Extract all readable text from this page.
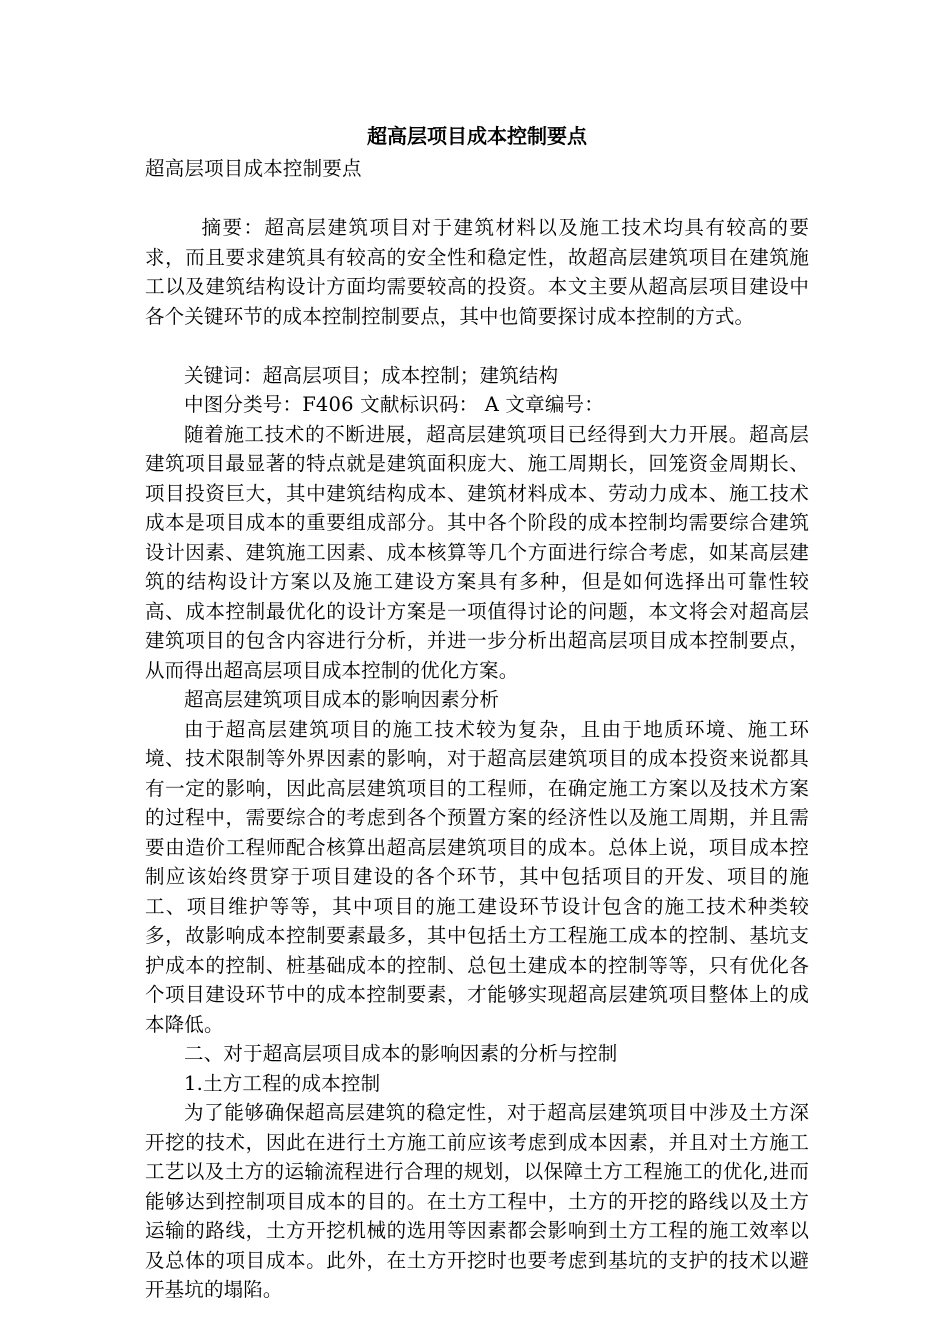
超高层项目成本控制要点

超高层项目成本控制要点

摘要：超高层建筑项目对于建筑材料以及施工技术均具有较高的要求，而且要求建筑具有较高的安全性和稳定性，故超高层建筑项目在建筑施工以及建筑结构设计方面均需要较高的投资。本文主要从超高层项目建设中各个关键环节的成本控制控制要点，其中也简要探讨成本控制的方式。

关键词：超高层项目；成本控制；建筑结构

中图分类号：F406 文献标识码： A 文章编号：

随着施工技术的不断进展，超高层建筑项目已经得到大力开展。超高层建筑项目最显著的特点就是建筑面积庞大、施工周期长，回笼资金周期长、项目投资巨大，其中建筑结构成本、建筑材料成本、劳动力成本、施工技术成本是项目成本的重要组成部分。其中各个阶段的成本控制均需要综合建筑设计因素、建筑施工因素、成本核算等几个方面进行综合考虑，如某高层建筑的结构设计方案以及施工建设方案具有多种，但是如何选择出可靠性较高、成本控制最优化的设计方案是一项值得讨论的问题，本文将会对超高层建筑项目的包含内容进行分析，并进一步分析出超高层项目成本控制要点，从而得出超高层项目成本控制的优化方案。

超高层建筑项目成本的影响因素分析

由于超高层建筑项目的施工技术较为复杂，且由于地质环境、施工环境、技术限制等外界因素的影响，对于超高层建筑项目的成本投资来说都具有一定的影响，因此高层建筑项目的工程师，在确定施工方案以及技术方案的过程中，需要综合的考虑到各个预置方案的经济性以及施工周期，并且需要由造价工程师配合核算出超高层建筑项目的成本。总体上说，项目成本控制应该始终贯穿于项目建设的各个环节，其中包括项目的开发、项目的施工、项目维护等等，其中项目的施工建设环节设计包含的施工技术种类较多，故影响成本控制要素最多，其中包括土方工程施工成本的控制、基坑支护成本的控制、桩基础成本的控制、总包土建成本的控制等等，只有优化各个项目建设环节中的成本控制要素，才能够实现超高层建筑项目整体上的成本降低。

二、对于超高层项目成本的影响因素的分析与控制

1.土方工程的成本控制

为了能够确保超高层建筑的稳定性，对于超高层建筑项目中涉及土方深开挖的技术，因此在进行土方施工前应该考虑到成本因素，并且对土方施工工艺以及土方的运输流程进行合理的规划，以保障土方工程施工的优化,进而能够达到控制项目成本的目的。在土方工程中，土方的开挖的路线以及土方运输的路线，土方开挖机械的选用等因素都会影响到土方工程的施工效率以及总体的项目成本。此外，在土方开挖时也要考虑到基坑的支护的技术以避开基坑的塌陷。
